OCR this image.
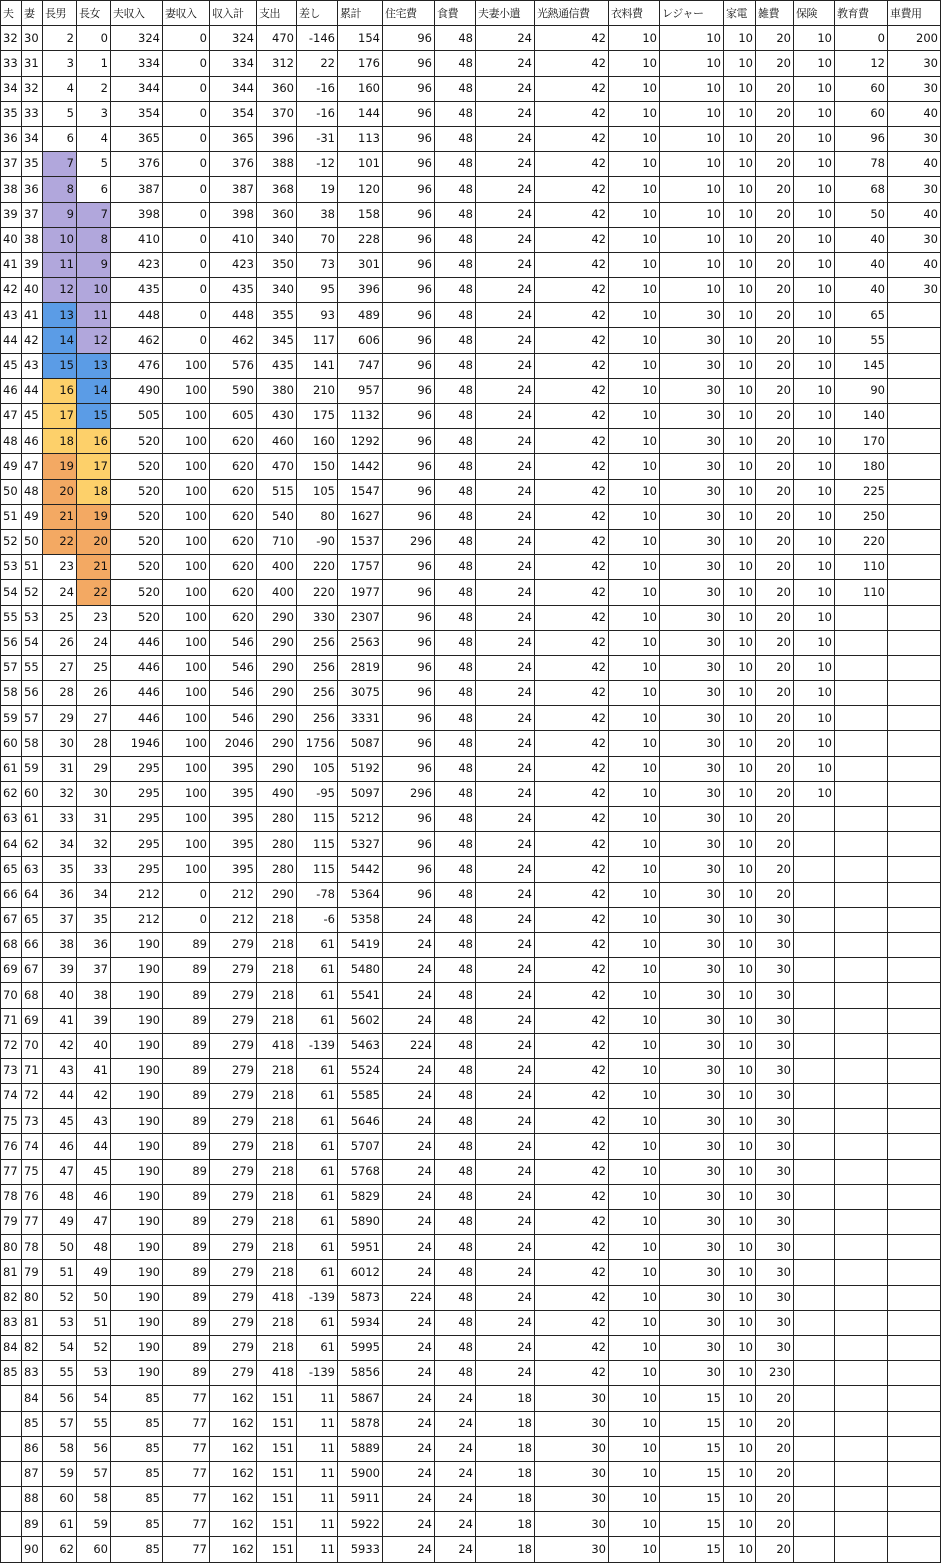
夫	妻	長男	長女	夫収入	妻収入	収入計	支出	差し	累計	住宅費	食費	夫妻小遣	光熱通信費	衣料費	レジャー	家電	雑費	保険	教育費	車費用
32	30	2	0	324	0	324	470	-146	154	96	48	24	42	10	10	10	20	10	0	200
33	31	3	1	334	0	334	312	22	176	96	48	24	42	10	10	10	20	10	12	30
34	32	4	2	344	0	344	360	-16	160	96	48	24	42	10	10	10	20	10	60	30
35	33	5	3	354	0	354	370	-16	144	96	48	24	42	10	10	10	20	10	60	40
36	34	6	4	365	0	365	396	-31	113	96	48	24	42	10	10	10	20	10	96	30
37	35	7	5	376	0	376	388	-12	101	96	48	24	42	10	10	10	20	10	78	40
38	36	8	6	387	0	387	368	19	120	96	48	24	42	10	10	10	20	10	68	30
39	37	9	7	398	0	398	360	38	158	96	48	24	42	10	10	10	20	10	50	40
40	38	10	8	410	0	410	340	70	228	96	48	24	42	10	10	10	20	10	40	30
41	39	11	9	423	0	423	350	73	301	96	48	24	42	10	10	10	20	10	40	40
42	40	12	10	435	0	435	340	95	396	96	48	24	42	10	10	10	20	10	40	30
43	41	13	11	448	0	448	355	93	489	96	48	24	42	10	30	10	20	10	65	
44	42	14	12	462	0	462	345	117	606	96	48	24	42	10	30	10	20	10	55	
45	43	15	13	476	100	576	435	141	747	96	48	24	42	10	30	10	20	10	145	
46	44	16	14	490	100	590	380	210	957	96	48	24	42	10	30	10	20	10	90	
47	45	17	15	505	100	605	430	175	1132	96	48	24	42	10	30	10	20	10	140	
48	46	18	16	520	100	620	460	160	1292	96	48	24	42	10	30	10	20	10	170	
49	47	19	17	520	100	620	470	150	1442	96	48	24	42	10	30	10	20	10	180	
50	48	20	18	520	100	620	515	105	1547	96	48	24	42	10	30	10	20	10	225	
51	49	21	19	520	100	620	540	80	1627	96	48	24	42	10	30	10	20	10	250	
52	50	22	20	520	100	620	710	-90	1537	296	48	24	42	10	30	10	20	10	220	
53	51	23	21	520	100	620	400	220	1757	96	48	24	42	10	30	10	20	10	110	
54	52	24	22	520	100	620	400	220	1977	96	48	24	42	10	30	10	20	10	110	
55	53	25	23	520	100	620	290	330	2307	96	48	24	42	10	30	10	20	10		
56	54	26	24	446	100	546	290	256	2563	96	48	24	42	10	30	10	20	10		
57	55	27	25	446	100	546	290	256	2819	96	48	24	42	10	30	10	20	10		
58	56	28	26	446	100	546	290	256	3075	96	48	24	42	10	30	10	20	10		
59	57	29	27	446	100	546	290	256	3331	96	48	24	42	10	30	10	20	10		
60	58	30	28	1946	100	2046	290	1756	5087	96	48	24	42	10	30	10	20	10		
61	59	31	29	295	100	395	290	105	5192	96	48	24	42	10	30	10	20	10		
62	60	32	30	295	100	395	490	-95	5097	296	48	24	42	10	30	10	20	10		
63	61	33	31	295	100	395	280	115	5212	96	48	24	42	10	30	10	20			
64	62	34	32	295	100	395	280	115	5327	96	48	24	42	10	30	10	20			
65	63	35	33	295	100	395	280	115	5442	96	48	24	42	10	30	10	20			
66	64	36	34	212	0	212	290	-78	5364	96	48	24	42	10	30	10	20			
67	65	37	35	212	0	212	218	-6	5358	24	48	24	42	10	30	10	30			
68	66	38	36	190	89	279	218	61	5419	24	48	24	42	10	30	10	30			
69	67	39	37	190	89	279	218	61	5480	24	48	24	42	10	30	10	30			
70	68	40	38	190	89	279	218	61	5541	24	48	24	42	10	30	10	30			
71	69	41	39	190	89	279	218	61	5602	24	48	24	42	10	30	10	30			
72	70	42	40	190	89	279	418	-139	5463	224	48	24	42	10	30	10	30			
73	71	43	41	190	89	279	218	61	5524	24	48	24	42	10	30	10	30			
74	72	44	42	190	89	279	218	61	5585	24	48	24	42	10	30	10	30			
75	73	45	43	190	89	279	218	61	5646	24	48	24	42	10	30	10	30			
76	74	46	44	190	89	279	218	61	5707	24	48	24	42	10	30	10	30			
77	75	47	45	190	89	279	218	61	5768	24	48	24	42	10	30	10	30			
78	76	48	46	190	89	279	218	61	5829	24	48	24	42	10	30	10	30			
79	77	49	47	190	89	279	218	61	5890	24	48	24	42	10	30	10	30			
80	78	50	48	190	89	279	218	61	5951	24	48	24	42	10	30	10	30			
81	79	51	49	190	89	279	218	61	6012	24	48	24	42	10	30	10	30			
82	80	52	50	190	89	279	418	-139	5873	224	48	24	42	10	30	10	30			
83	81	53	51	190	89	279	218	61	5934	24	48	24	42	10	30	10	30			
84	82	54	52	190	89	279	218	61	5995	24	48	24	42	10	30	10	30			
85	83	55	53	190	89	279	418	-139	5856	24	48	24	42	10	30	10	230			
	84	56	54	85	77	162	151	11	5867	24	24	18	30	10	15	10	20			
	85	57	55	85	77	162	151	11	5878	24	24	18	30	10	15	10	20			
	86	58	56	85	77	162	151	11	5889	24	24	18	30	10	15	10	20			
	87	59	57	85	77	162	151	11	5900	24	24	18	30	10	15	10	20			
	88	60	58	85	77	162	151	11	5911	24	24	18	30	10	15	10	20			
	89	61	59	85	77	162	151	11	5922	24	24	18	30	10	15	10	20			
	90	62	60	85	77	162	151	11	5933	24	24	18	30	10	15	10	20			
